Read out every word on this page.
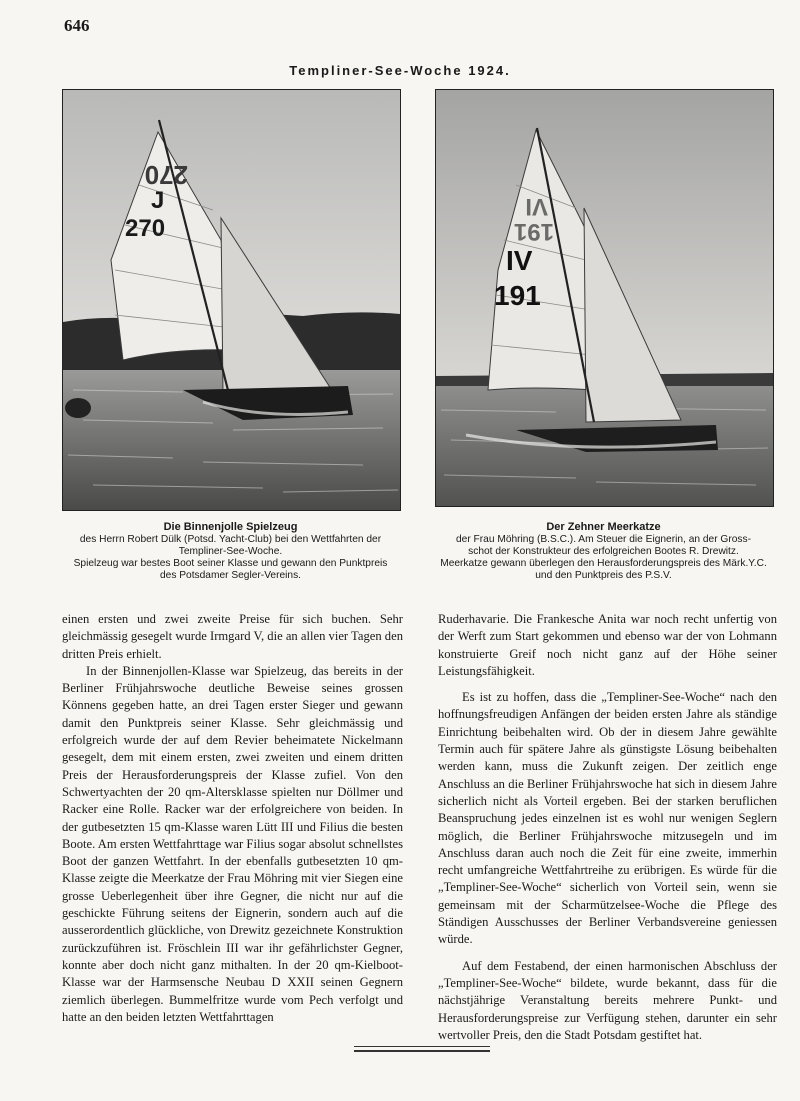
646
Templiner-See-Woche 1924.
270
J
270
VI
191
IV
191
Die Binnenjolle Spielzeug
des Herrn Robert Dülk (Potsd. Yacht-Club) bei den Wettfahrten der
Templiner-See-Woche.
Spielzeug war bestes Boot seiner Klasse und gewann den Punktpreis
des Potsdamer Segler-Vereins.
Der Zehner Meerkatze
der Frau Möhring (B.S.C.). Am Steuer die Eignerin, an der Gross-
schot der Konstrukteur des erfolgreichen Bootes R. Drewitz.
Meerkatze gewann überlegen den Herausforderungspreis des Märk.Y.C.
und den Punktpreis des P.S.V.

einen ersten und zwei zweite Preise für sich buchen. Sehr gleichmässig gesegelt wurde Irmgard V, die an allen vier Tagen den dritten Preis erhielt.

In der Binnenjollen-Klasse war Spielzeug, das bereits in der Berliner Frühjahrswoche deutliche Beweise seines grossen Könnens gegeben hatte, an drei Tagen erster Sieger und gewann damit den Punktpreis seiner Klasse. Sehr gleichmässig und erfolgreich wurde der auf dem Revier beheimatete Nickelmann gesegelt, dem mit einem ersten, zwei zweiten und einem dritten Preis der Herausforderungspreis der Klasse zufiel. Von den Schwertyachten der 20 qm-Altersklasse spielten nur Döllmer und Racker eine Rolle. Racker war der erfolgreichere von beiden. In der gutbesetzten 15 qm-Klasse waren Lütt III und Filius die besten Boote. Am ersten Wettfahrttage war Filius sogar absolut schnellstes Boot der ganzen Wettfahrt. In der ebenfalls gutbesetzten 10 qm-Klasse zeigte die Meerkatze der Frau Möhring mit vier Siegen eine grosse Ueberlegenheit über ihre Gegner, die nicht nur auf die geschickte Führung seitens der Eignerin, sondern auch auf die ausserordentlich glückliche, von Drewitz gezeichnete Konstruktion zurückzuführen ist. Fröschlein III war ihr gefährlichster Gegner, konnte aber doch nicht ganz mithalten. In der 20 qm-Kielboot-Klasse war der Harmsensche Neubau D XXII seinen Gegnern ziemlich überlegen. Bummelfritze wurde vom Pech verfolgt und hatte an den beiden letzten Wettfahrttagen

Ruderhavarie. Die Frankesche Anita war noch recht unfertig von der Werft zum Start gekommen und ebenso war der von Lohmann konstruierte Greif noch nicht ganz auf der Höhe seiner Leistungsfähigkeit.

Es ist zu hoffen, dass die „Templiner-See-Woche“ nach den hoffnungsfreudigen Anfängen der beiden ersten Jahre als ständige Einrichtung beibehalten wird. Ob der in diesem Jahre gewählte Termin auch für spätere Jahre als günstigste Lösung beibehalten werden kann, muss die Zukunft zeigen. Der zeitlich enge Anschluss an die Berliner Frühjahrswoche hat sich in diesem Jahre sicherlich nicht als Vorteil ergeben. Bei der starken beruflichen Beanspruchung jedes einzelnen ist es wohl nur wenigen Seglern möglich, die Berliner Frühjahrswoche mitzusegeln und im Anschluss daran auch noch die Zeit für eine zweite, immerhin recht umfangreiche Wettfahrtreihe zu erübrigen. Es würde für die „Templiner-See-Woche“ sicherlich von Vorteil sein, wenn sie gemeinsam mit der Scharmützelsee-Woche die Pflege des Ständigen Ausschusses der Berliner Verbandsvereine geniessen würde.

Auf dem Festabend, der einen harmonischen Abschluss der „Templiner-See-Woche“ bildete, wurde bekannt, dass für die nächstjährige Veranstaltung bereits mehrere Punkt- und Herausforderungspreise zur Verfügung stehen, darunter ein sehr wertvoller Preis, den die Stadt Potsdam gestiftet hat.
